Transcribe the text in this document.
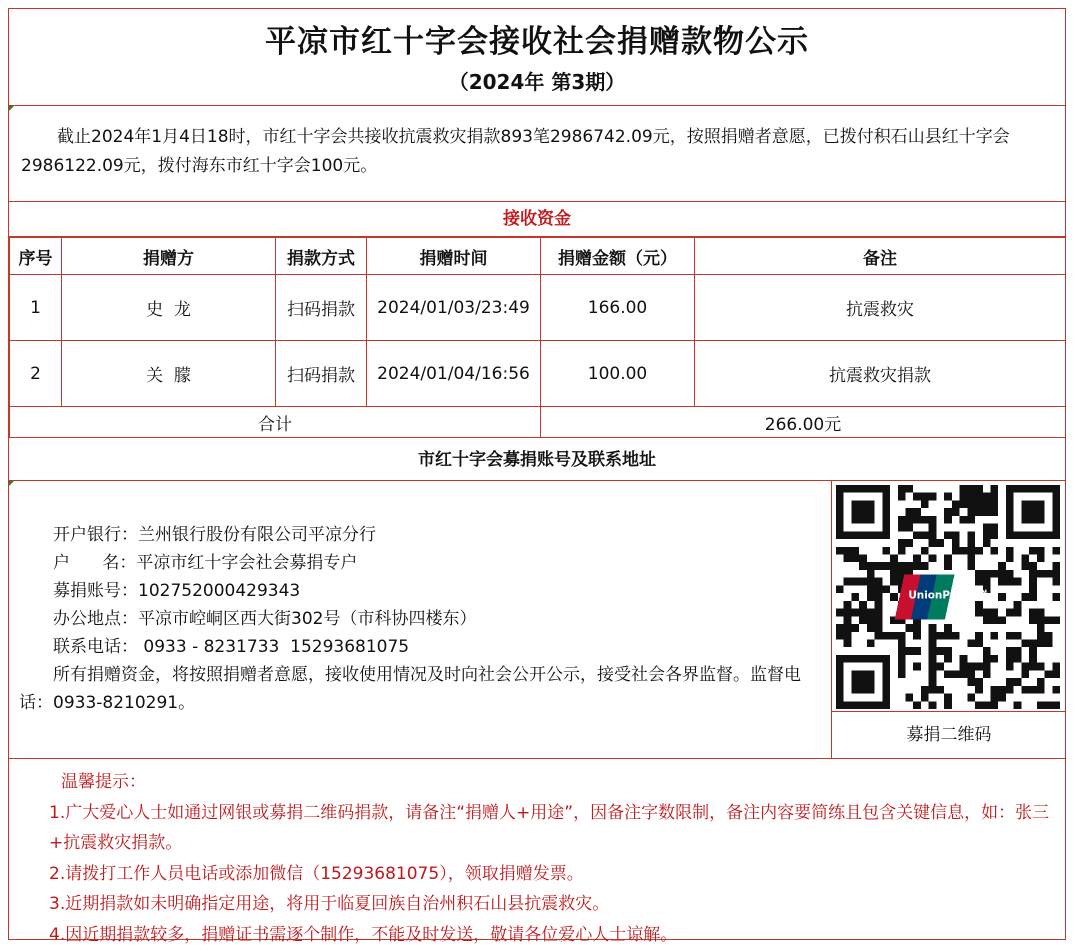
平凉市红十字会接收社会捐赠款物公示
（2024年 第3期）
截止2024年1月4日18时，市红十字会共接收抗震救灾捐款893笔2986742.09元，按照捐赠者意愿，已拨付积石山县红十字会2986122.09元，拨付海东市红十字会100元。
接收资金
序号	捐赠方	捐款方式	捐赠时间	捐赠金额（元）	备注
1	史  龙	扫码捐款	2024/01/03/23:49	166.00	抗震救灾
2	关  朦	扫码捐款	2024/01/04/16:56	100.00	抗震救灾捐款
合计				266.00元	
市红十字会募捐账号及联系地址
开户银行：兰州银行股份有限公司平凉分行
户      名：平凉市红十字会社会募捐专户
募捐账号：102752000429343
办公地点：平凉市崆峒区西大街302号（市科协四楼东）
联系电话： 0933 - 8231733  15293681075
所有捐赠资金，将按照捐赠者意愿，接收使用情况及时向社会公开公示，接受社会各界监督。监督电话：0933-8210291。
UnionPay 银联
募捐二维码
温馨提示：
1.广大爱心人士如通过网银或募捐二维码捐款，请备注“捐赠人+用途”，因备注字数限制，备注内容要简练且包含关键信息，如：张三+抗震救灾捐款。
2.请拨打工作人员电话或添加微信（15293681075），领取捐赠发票。
3.近期捐款如未明确指定用途，将用于临夏回族自治州积石山县抗震救灾。
4.因近期捐款较多，捐赠证书需逐个制作，不能及时发送，敬请各位爱心人士谅解。
